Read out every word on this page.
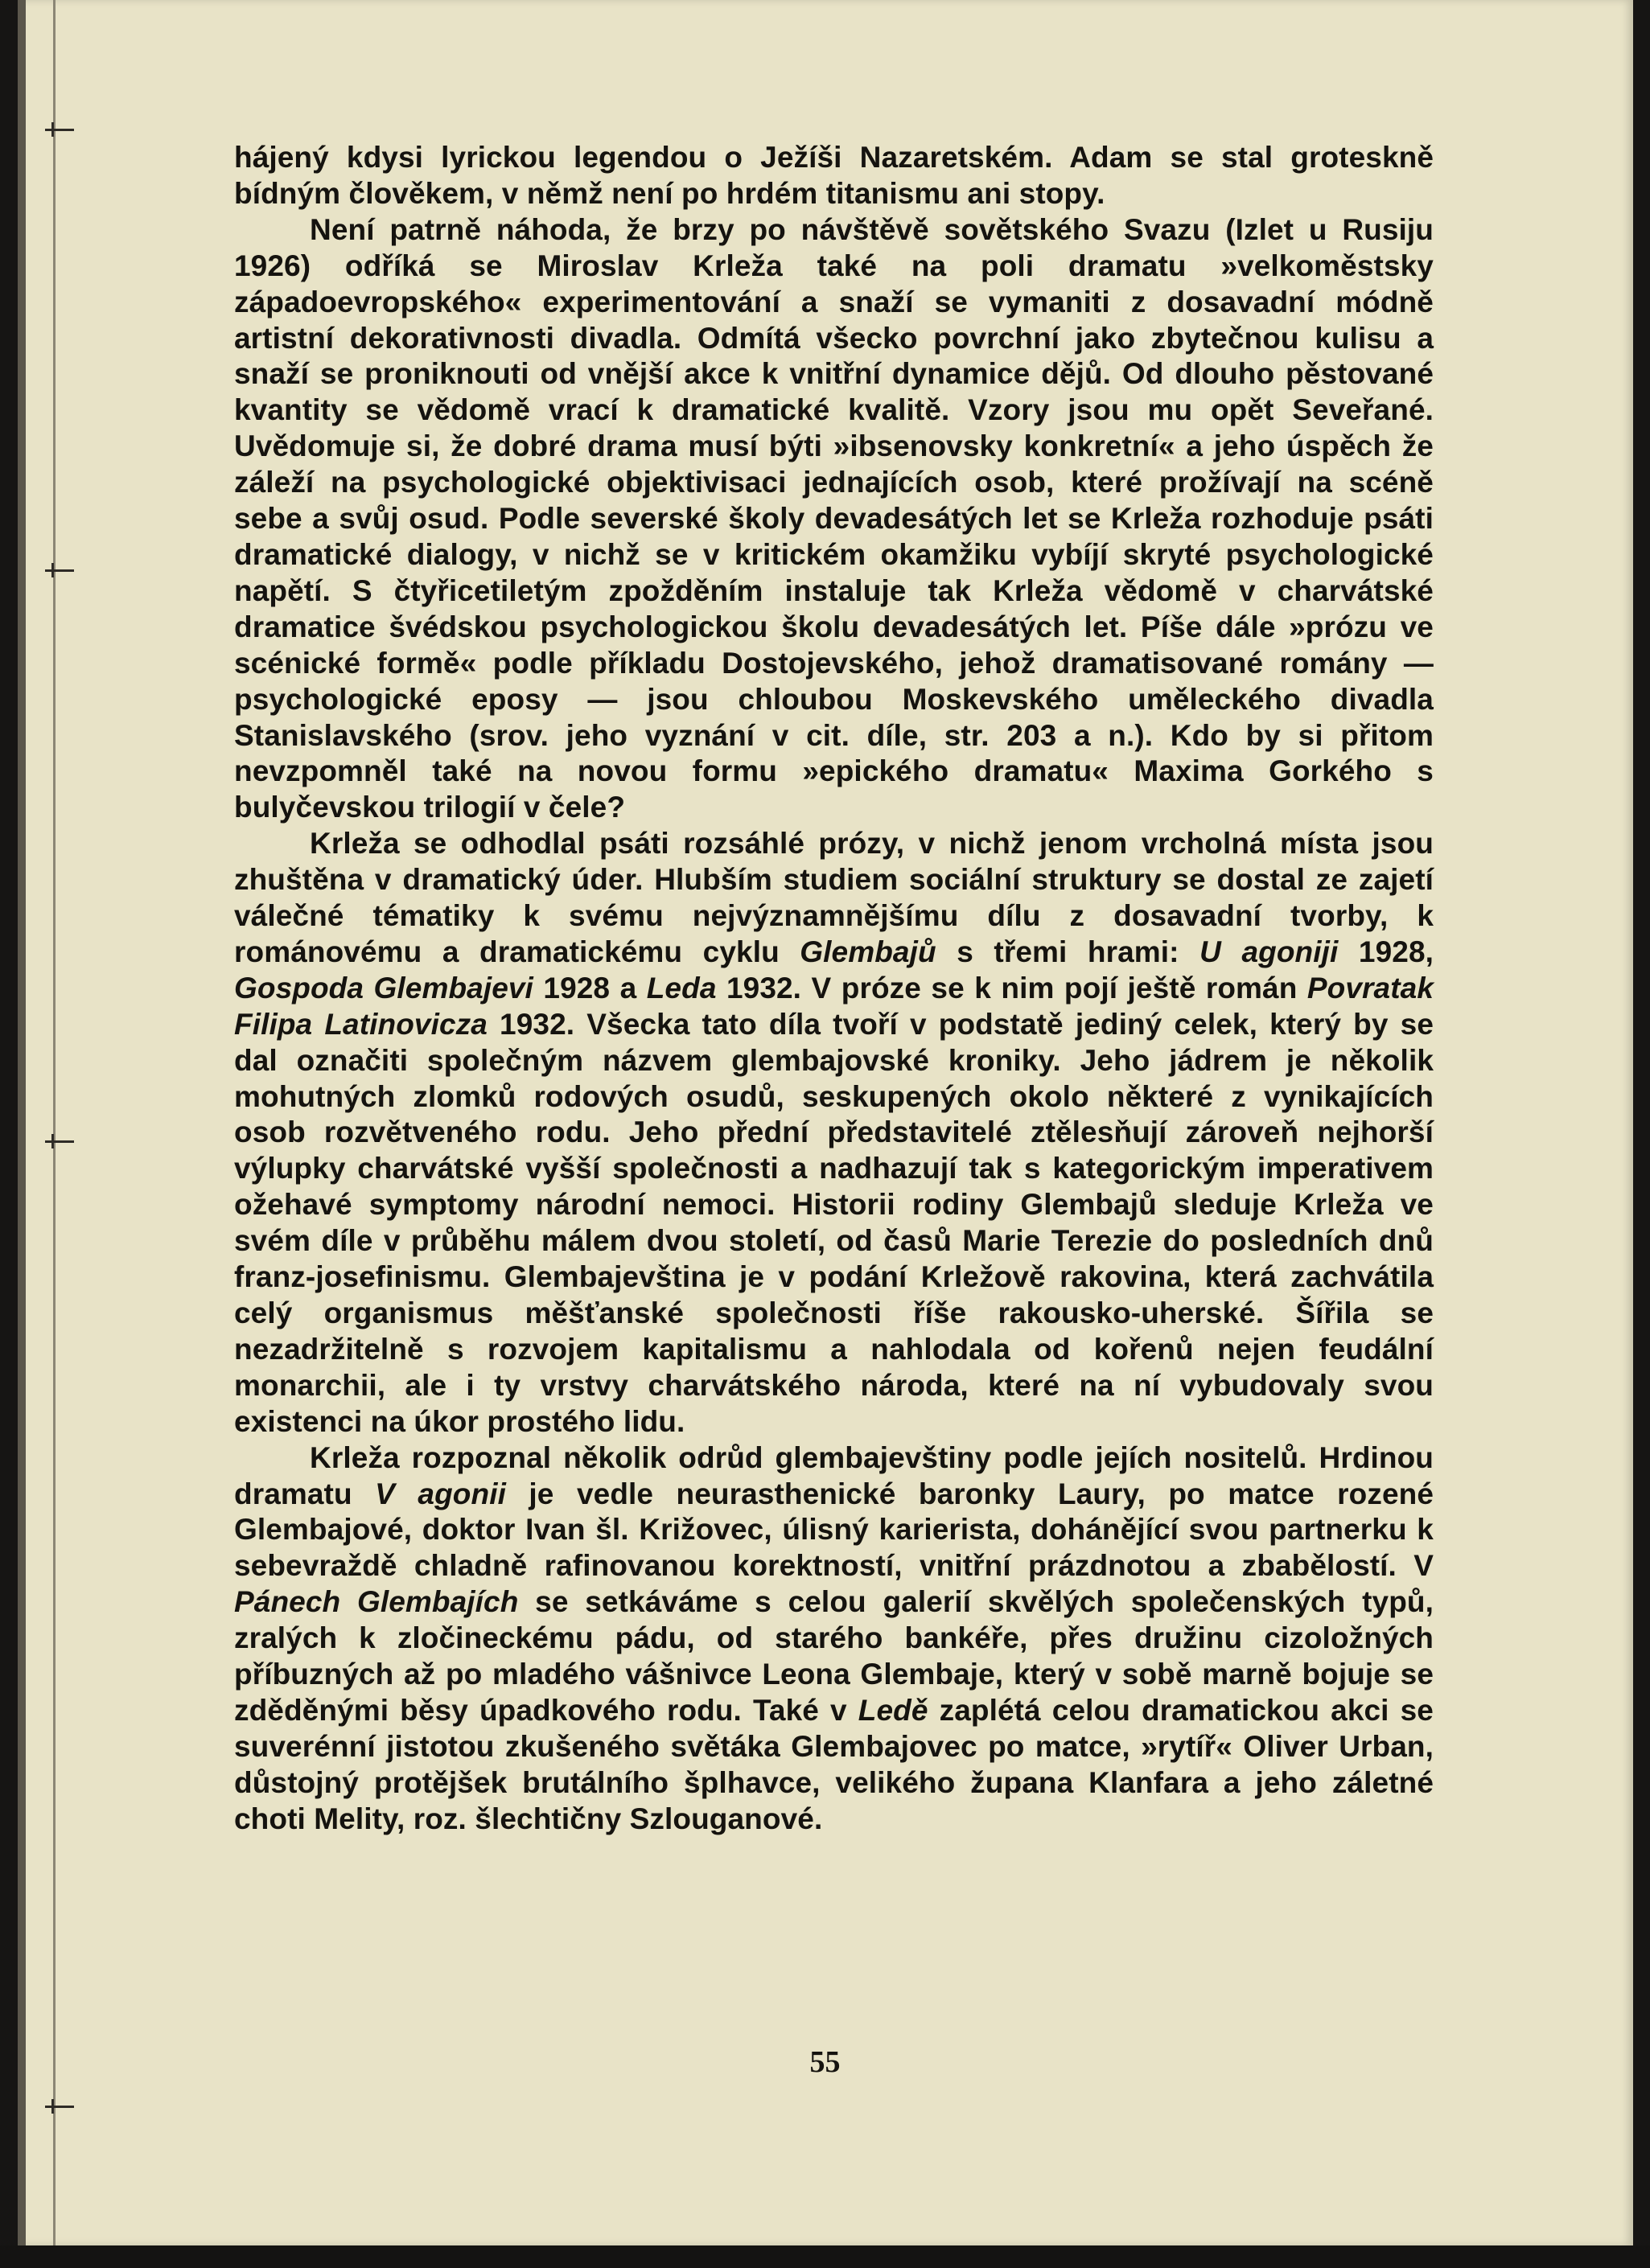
hájený kdysi lyrickou legendou o Ježíši Nazaretském. Adam se stal groteskně bídným člověkem, v němž není po hrdém titanismu ani stopy.

Není patrně náhoda, že brzy po návštěvě sovětského Svazu (Izlet u Rusiju 1926) odříká se Miroslav Krleža také na poli dramatu »velkoměstsky západoevropského« experimentování a snaží se vymaniti z dosavadní módně artistní dekorativnosti divadla. Odmítá všecko povrchní jako zbytečnou kulisu a snaží se proniknouti od vnější akce k vnitřní dynamice dějů. Od dlouho pěstované kvantity se vědomě vrací k dramatické kvalitě. Vzory jsou mu opět Seveřané. Uvědomuje si, že dobré drama musí býti »ibsenovsky konkretní« a jeho úspěch že záleží na psychologické objektivisaci jednajících osob, které prožívají na scéně sebe a svůj osud. Podle severské školy devadesátých let se Krleža rozhoduje psáti dramatické dialogy, v nichž se v kritickém okamžiku vybíjí skryté psychologické napětí. S čtyřicetiletým zpožděním instaluje tak Krleža vědomě v charvátské dramatice švédskou psychologickou školu devadesátých let. Píše dále »prózu ve scénické formě« podle příkladu Dostojevského, jehož dramatisované romány — psychologické eposy — jsou chloubou Moskevského uměleckého divadla Stanislavského (srov. jeho vyznání v cit. díle, str. 203 a n.). Kdo by si přitom nevzpomněl také na novou formu »epického dramatu« Maxima Gorkého s bulyčevskou trilogií v čele?

Krleža se odhodlal psáti rozsáhlé prózy, v nichž jenom vrcholná místa jsou zhuštěna v dramatický úder. Hlubším studiem sociální struktury se dostal ze zajetí válečné tématiky k svému nejvýznamnějšímu dílu z dosavadní tvorby, k románovému a dramatickému cyklu Glembajů s třemi hrami: U agoniji 1928, Gospoda Glembajevi 1928 a Leda 1932. V próze se k nim pojí ještě román Povratak Filipa Latinovicza 1932. Všecka tato díla tvoří v podstatě jediný celek, který by se dal označiti společným názvem glembajovské kroniky. Jeho jádrem je několik mohutných zlomků rodových osudů, seskupených okolo některé z vynikajících osob rozvětveného rodu. Jeho přední představitelé ztělesňují zároveň nejhorší výlupky charvátské vyšší společnosti a nadhazují tak s kategorickým imperativem ožehavé symptomy národní nemoci. Historii rodiny Glembajů sleduje Krleža ve svém díle v průběhu málem dvou století, od časů Marie Terezie do posledních dnů franz-josefinismu. Glembajevština je v podání Krležově rakovina, která zachvátila celý organismus měšťanské společnosti říše rakousko-uherské. Šířila se nezadržitelně s rozvojem kapitalismu a nahlodala od kořenů nejen feudální monarchii, ale i ty vrstvy charvátského národa, které na ní vybudovaly svou existenci na úkor prostého lidu.

Krleža rozpoznal několik odrůd glembajevštiny podle jejích nositelů. Hrdinou dramatu V agonii je vedle neurasthenické baronky Laury, po matce rozené Glembajové, doktor Ivan šl. Križovec, úlisný karierista, dohánějící svou partnerku k sebevraždě chladně rafinovanou korektností, vnitřní prázdnotou a zbabělostí. V Pánech Glembajích se setkáváme s celou galerií skvělých společenských typů, zralých k zločineckému pádu, od starého bankéře, přes družinu cizoložných příbuzných až po mladého vášnivce Leona Glembaje, který v sobě marně bojuje se zděděnými běsy úpadkového rodu. Také v Ledě zaplétá celou dramatickou akci se suverénní jistotou zkušeného světáka Glembajovec po matce, »rytíř« Oliver Urban, důstojný protějšek brutálního šplhavce, velikého župana Klanfara a jeho záletné choti Melity, roz. šlechtičny Szlouganové.

55
